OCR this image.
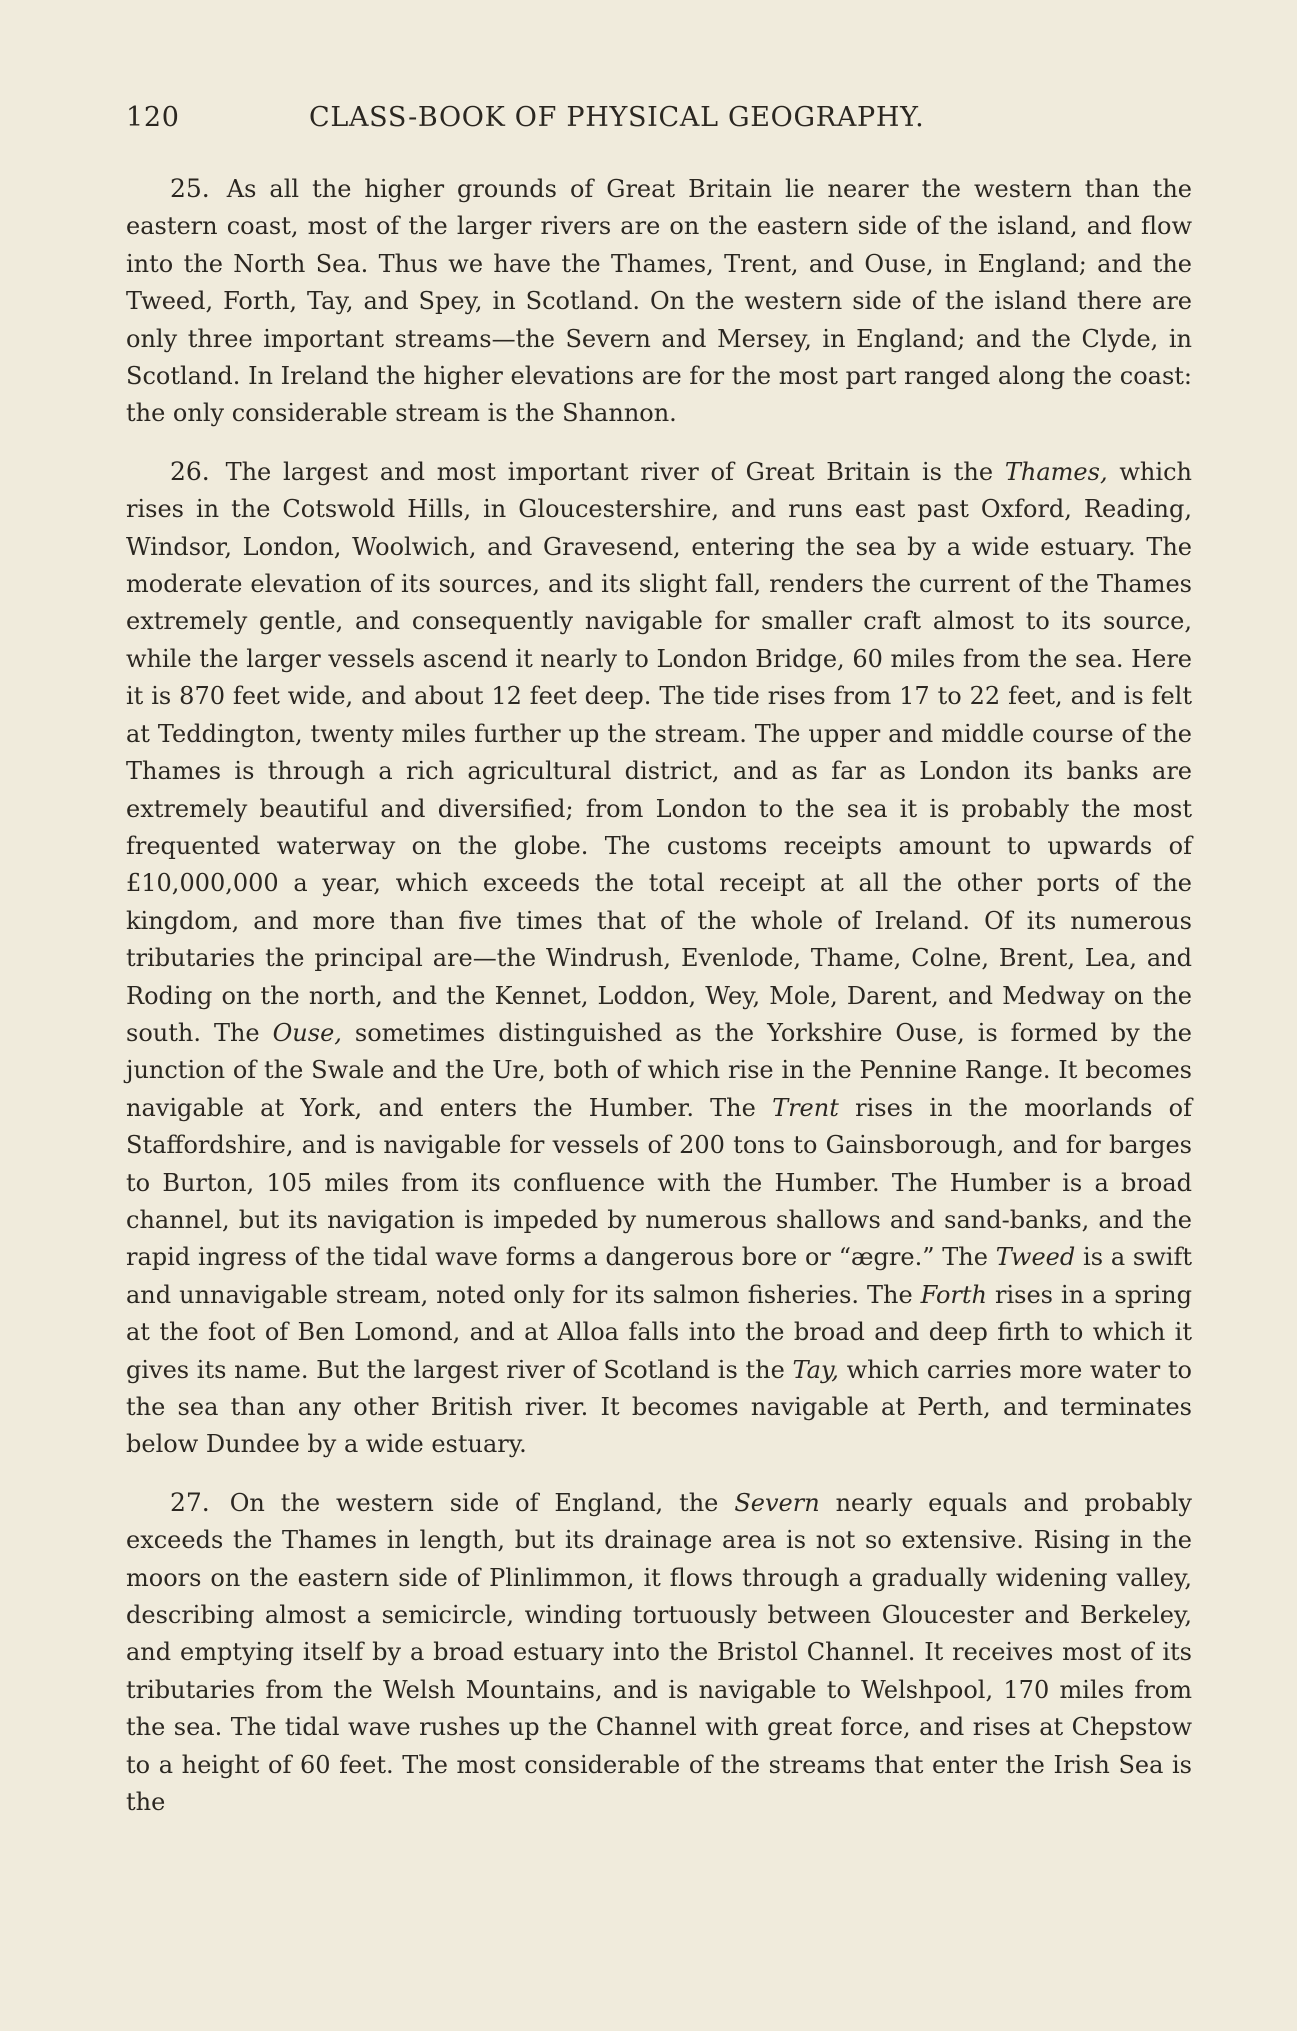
120	CLASS-BOOK OF PHYSICAL GEOGRAPHY.

25. As all the higher grounds of Great Britain lie nearer the western than the eastern coast, most of the larger rivers are on the eastern side of the island, and flow into the North Sea. Thus we have the Thames, Trent, and Ouse, in England; and the Tweed, Forth, Tay, and Spey, in Scotland. On the western side of the island there are only three important streams—the Severn and Mersey, in England; and the Clyde, in Scotland. In Ireland the higher elevations are for the most part ranged along the coast: the only considerable stream is the Shannon.

26. The largest and most important river of Great Britain is the Thames, which rises in the Cotswold Hills, in Gloucestershire, and runs east past Oxford, Reading, Windsor, London, Woolwich, and Gravesend, entering the sea by a wide estuary. The moderate elevation of its sources, and its slight fall, renders the current of the Thames extremely gentle, and consequently navigable for smaller craft almost to its source, while the larger vessels ascend it nearly to London Bridge, 60 miles from the sea. Here it is 870 feet wide, and about 12 feet deep. The tide rises from 17 to 22 feet, and is felt at Teddington, twenty miles further up the stream. The upper and middle course of the Thames is through a rich agricultural district, and as far as London its banks are extremely beautiful and diversified; from London to the sea it is probably the most frequented waterway on the globe. The customs receipts amount to upwards of £10,000,000 a year, which exceeds the total receipt at all the other ports of the kingdom, and more than five times that of the whole of Ireland. Of its numerous tributaries the principal are—the Windrush, Evenlode, Thame, Colne, Brent, Lea, and Roding on the north, and the Kennet, Loddon, Wey, Mole, Darent, and Medway on the south. The Ouse, sometimes distinguished as the Yorkshire Ouse, is formed by the junction of the Swale and the Ure, both of which rise in the Pennine Range. It becomes navigable at York, and enters the Humber. The Trent rises in the moorlands of Staffordshire, and is navigable for vessels of 200 tons to Gainsborough, and for barges to Burton, 105 miles from its confluence with the Humber. The Humber is a broad channel, but its navigation is impeded by numerous shallows and sand-banks, and the rapid ingress of the tidal wave forms a dangerous bore or “ægre.” The Tweed is a swift and unnavigable stream, noted only for its salmon fisheries. The Forth rises in a spring at the foot of Ben Lomond, and at Alloa falls into the broad and deep firth to which it gives its name. But the largest river of Scotland is the Tay, which carries more water to the sea than any other British river. It becomes navigable at Perth, and terminates below Dundee by a wide estuary.

27. On the western side of England, the Severn nearly equals and probably exceeds the Thames in length, but its drainage area is not so extensive. Rising in the moors on the eastern side of Plinlimmon, it flows through a gradually widening valley, describing almost a semicircle, winding tortuously between Gloucester and Berkeley, and emptying itself by a broad estuary into the Bristol Channel. It receives most of its tributaries from the Welsh Mountains, and is navigable to Welshpool, 170 miles from the sea. The tidal wave rushes up the Channel with great force, and rises at Chepstow to a height of 60 feet. The most considerable of the streams that enter the Irish Sea is the
